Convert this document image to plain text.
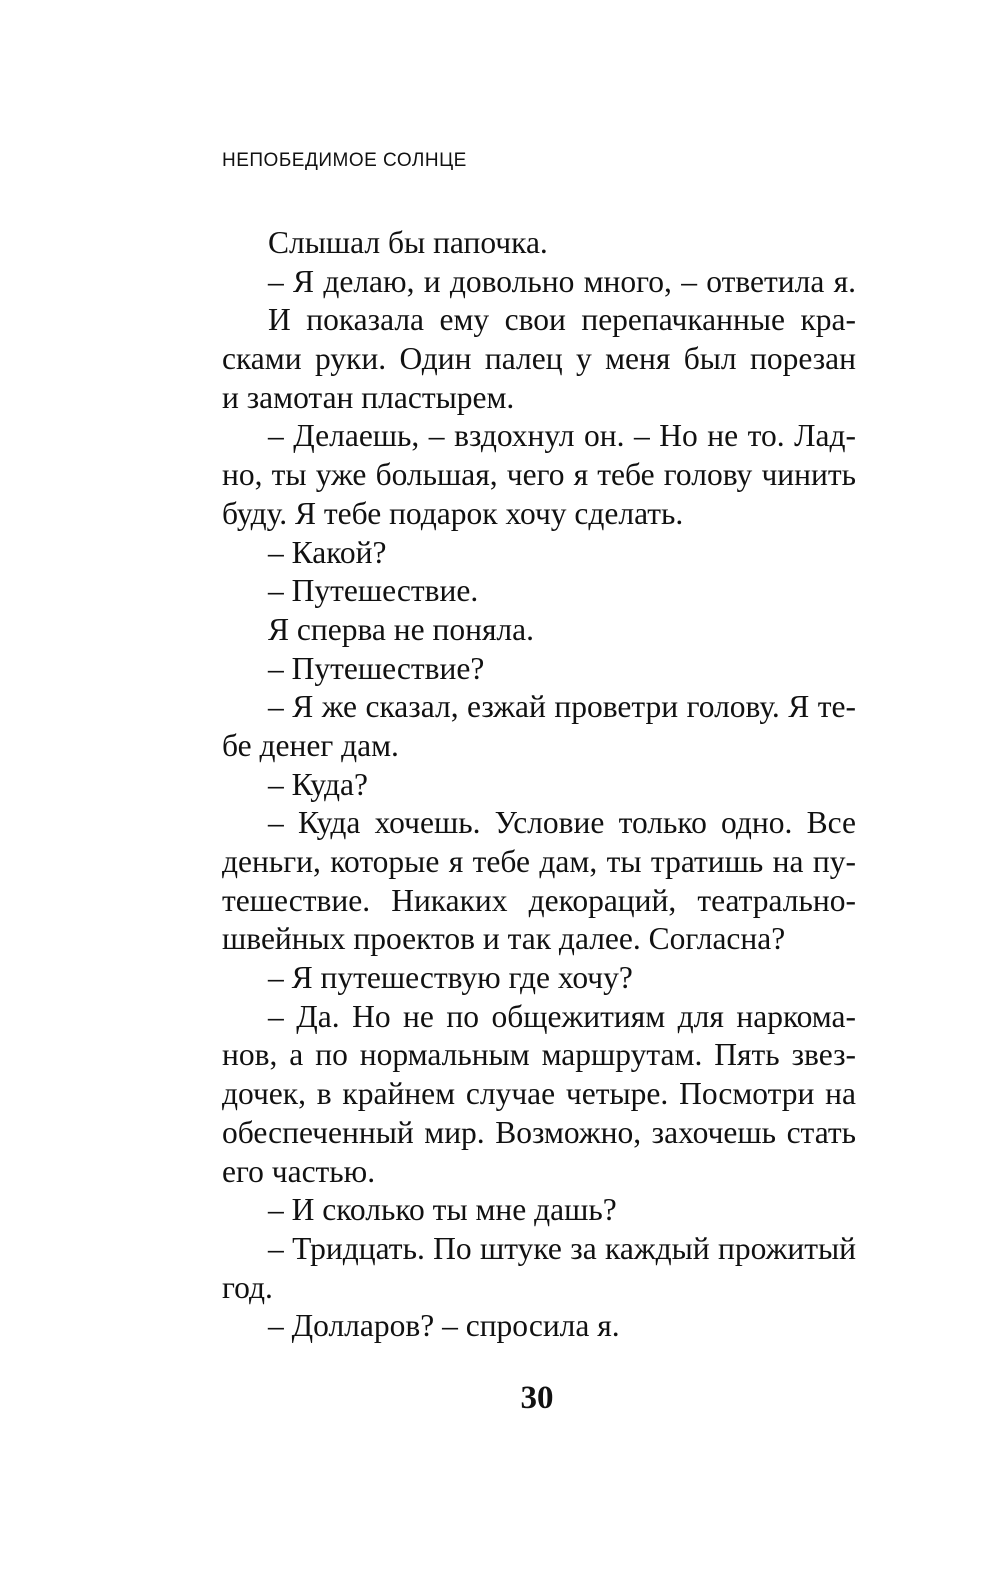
НЕПОБЕДИМОЕ СОЛНЦЕ
Слышал бы папочка.
– Я делаю, и довольно много, – ответила я.
И показала ему свои перепачканные кра-
сками руки. Один палец у меня был порезан
и замотан пластырем.
– Делаешь, – вздохнул он. – Но не то. Лад-
но, ты уже большая, чего я тебе голову чинить
буду. Я тебе подарок хочу сделать.
– Какой?
– Путешествие.
Я сперва не поняла.
– Путешествие?
– Я же сказал, езжай проветри голову. Я те-
бе денег дам.
– Куда?
– Куда хочешь. Условие только одно. Все
деньги, которые я тебе дам, ты тратишь на пу-
тешествие. Никаких декораций, театрально-
швейных проектов и так далее. Согласна?
– Я путешествую где хочу?
– Да. Но не по общежитиям для наркома-
нов, а по нормальным маршрутам. Пять звез-
дочек, в крайнем случае четыре. Посмотри на
обеспеченный мир. Возможно, захочешь стать
его частью.
– И сколько ты мне дашь?
– Тридцать. По штуке за каждый прожитый
год.
– Долларов? – спросила я.
30
